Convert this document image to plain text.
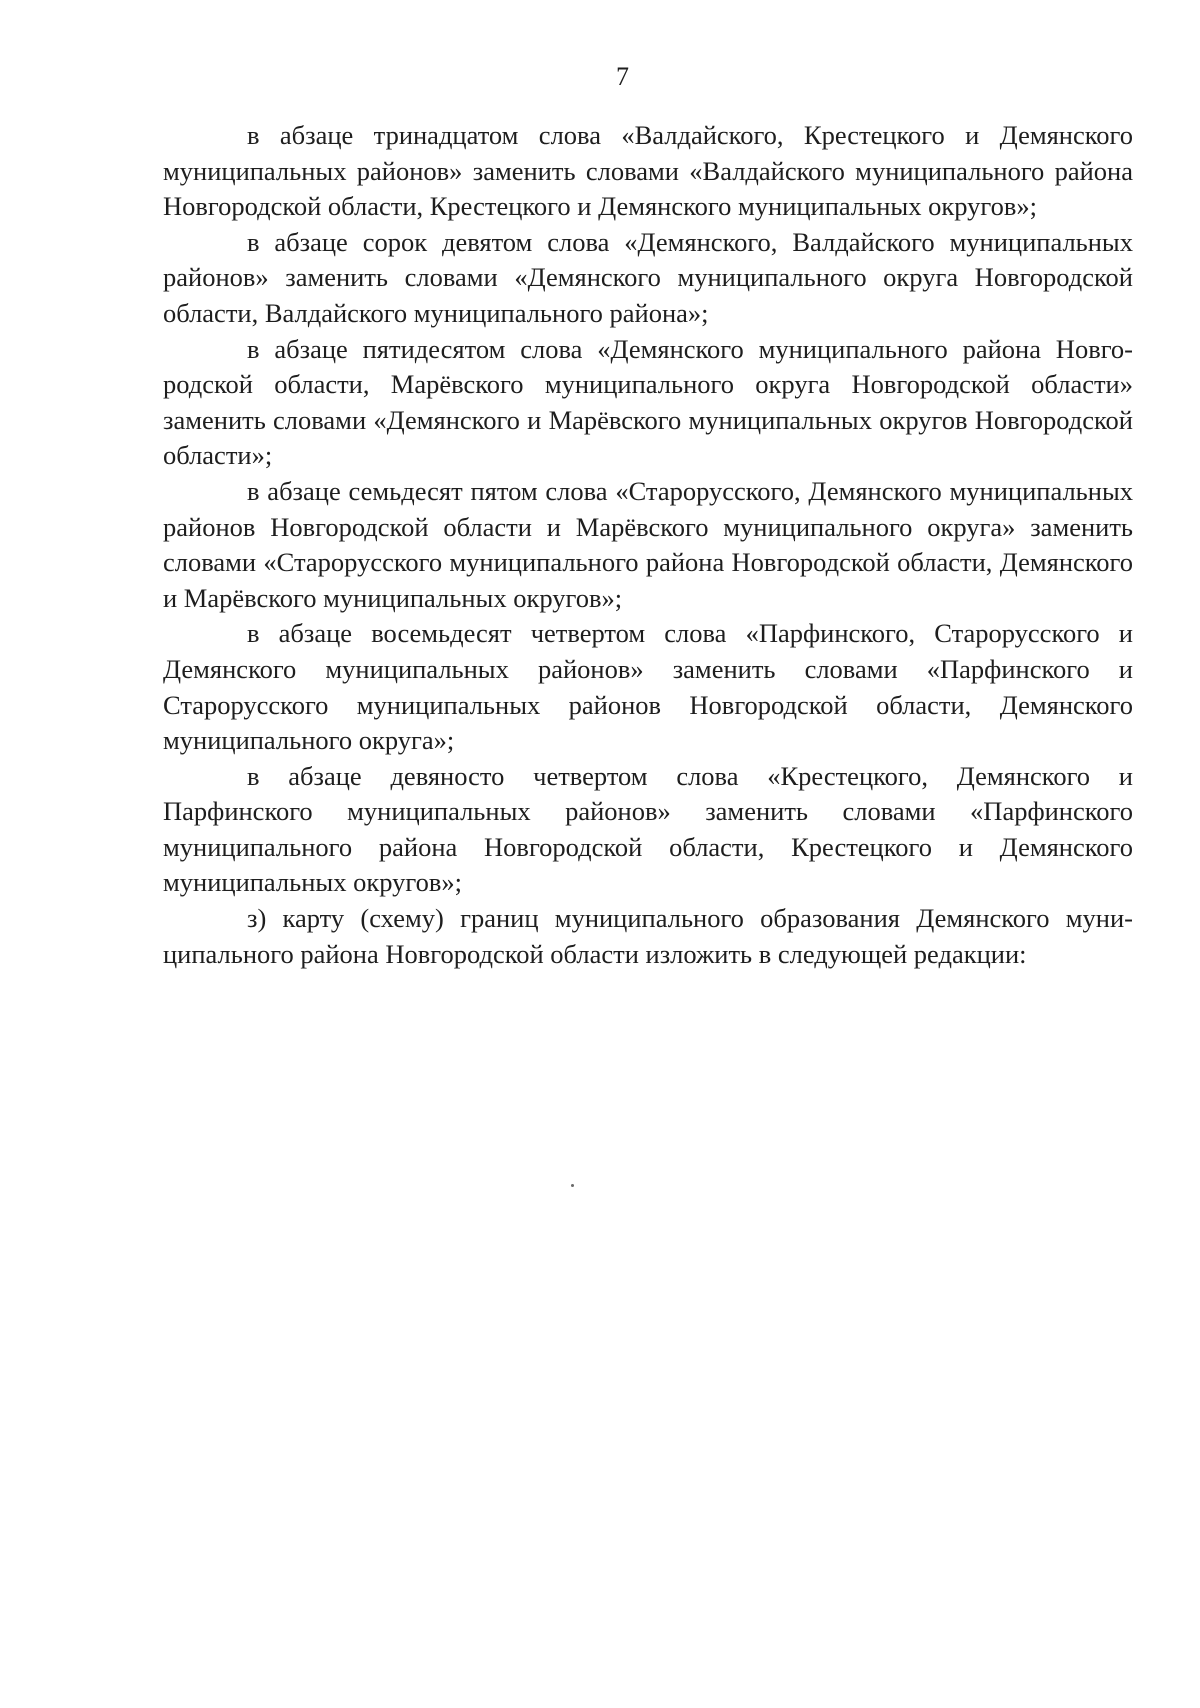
7

в абзаце тринадцатом слова «Валдайского, Крестецкого и Демянского муниципальных районов» заменить словами «Валдайского муниципального района Новгородской области, Крестецкого и Демянского муниципальных округов»;

в абзаце сорок девятом слова «Демянского, Валдайского муниципальных районов» заменить словами «Демянского муниципального округа Новгородской области, Валдайского муниципального района»;

в абзаце пятидесятом слова «Демянского муниципального района Новгородской области, Марёвского муниципального округа Новгородской области» заменить словами «Демянского и Марёвского муниципальных округов Новгородской области»;

в абзаце семьдесят пятом слова «Старорусского, Демянского муниципальных районов Новгородской области и Марёвского муниципального округа» заменить словами «Старорусского муниципального района Новгородской области, Демянского и Марёвского муниципальных округов»;

в абзаце восемьдесят четвертом слова «Парфинского, Старорусского и Демянского муниципальных районов» заменить словами «Парфинского и Старорусского муниципальных районов Новгородской области, Демянского муниципального округа»;

в абзаце девяносто четвертом слова «Крестецкого, Демянского и Парфинского муниципальных районов» заменить словами «Парфинского муниципального района Новгородской области, Крестецкого и Демянского муниципальных округов»;

з) карту (схему) границ муниципального образования Демянского муниципального района Новгородской области изложить в следующей редакции:
